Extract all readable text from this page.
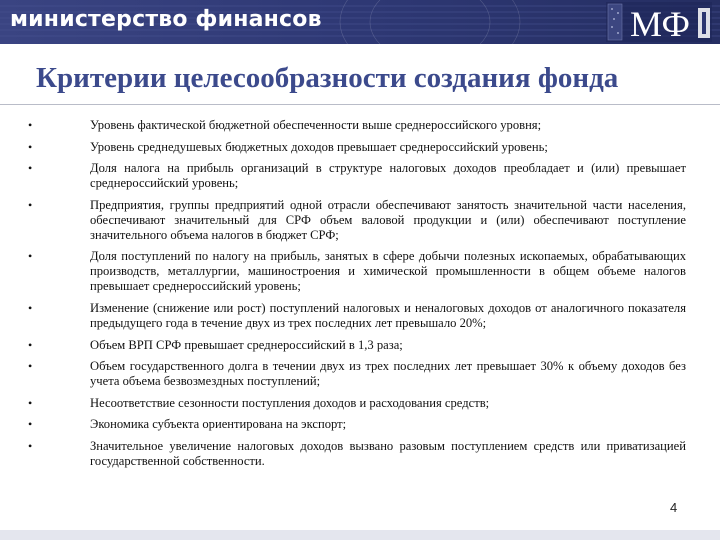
министерство финансов	МФ
Критерии целесообразности создания фонда
•	Уровень фактической бюджетной обеспеченности выше среднероссийского уровня;
•	Уровень среднедушевых бюджетных доходов превышает среднероссийский уровень;
•	Доля налога на прибыль организаций в структуре налоговых доходов преобладает и (или) превышает среднероссийский уровень;
•	Предприятия, группы предприятий одной отрасли обеспечивают занятость значительной части населения, обеспечивают значительный для СРФ объем валовой продукции и (или) обеспечивают поступление значительного объема налогов в бюджет СРФ;
•	Доля поступлений по налогу на прибыль, занятых в сфере добычи полезных ископаемых, обрабатывающих производств, металлургии, машиностроения и химической промышленности в общем объеме налогов превышает среднероссийский уровень;
•	Изменение (снижение или рост) поступлений налоговых и неналоговых доходов от аналогичного показателя предыдущего года в течение двух из трех последних лет превышало 20%;
•	Объем ВРП СРФ превышает среднероссийский в 1,3 раза;
•	Объем государственного долга в течении двух из трех последних лет превышает 30% к объему доходов без учета объема безвозмездных поступлений;
•	Несоответствие сезонности поступления доходов и расходования средств;
•	Экономика субъекта ориентирована на экспорт;
•	Значительное увеличение налоговых доходов вызвано разовым поступлением средств или приватизацией государственной собственности.
4
